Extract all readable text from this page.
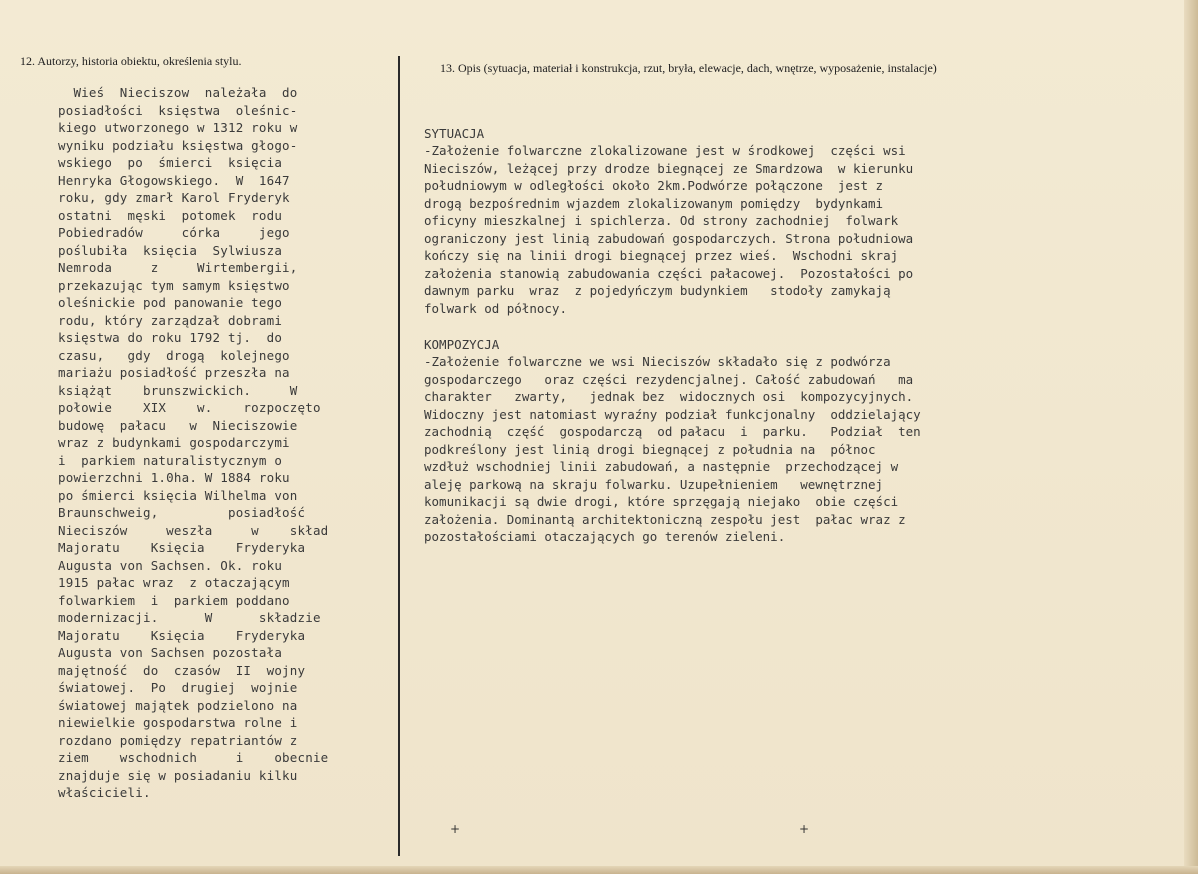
12. Autorzy, historia obiektu, określenia stylu.	13. Opis (sytuacja, materiał i konstrukcja, rzut, bryła, elewacje, dach, wnętrze, wyposażenie, instalacje)
Wieś  Nieciszow  należała  do
posiadłości  księstwa  oleśnic-
kiego utworzonego w 1312 roku w
wyniku podziału księstwa głogo-
wskiego  po  śmierci  księcia
Henryka Głogowskiego.  W  1647
roku, gdy zmarł Karol Fryderyk
ostatni  męski  potomek  rodu
Pobiedradów     córka     jego
poślubiła  księcia  Sylwiusza
Nemroda     z     Wirtembergii,
przekazując tym samym księstwo
oleśnickie pod panowanie tego
rodu, który zarządzał dobrami
księstwa do roku 1792 tj.  do
czasu,   gdy  drogą  kolejnego
mariażu posiadłość przeszła na
książąt    brunszwickich.     W
połowie    XIX    w.    rozpoczęto
budowę  pałacu   w  Nieciszowie
wraz z budynkami gospodarczymi
i  parkiem naturalistycznym o
powierzchni 1.0ha. W 1884 roku
po śmierci księcia Wilhelma von
Braunschweig,         posiadłość
Nieciszów     weszła     w    skład
Majoratu    Księcia    Fryderyka
Augusta von Sachsen. Ok. roku
1915 pałac wraz  z otaczającym
folwarkiem  i  parkiem poddano
modernizacji.      W      składzie
Majoratu    Księcia    Fryderyka
Augusta von Sachsen pozostała
majętność  do  czasów  II  wojny
światowej.  Po  drugiej  wojnie
światowej majątek podzielono na
niewielkie gospodarstwa rolne i
rozdano pomiędzy repatriantów z
ziem    wschodnich     i    obecnie
znajduje się w posiadaniu kilku
właścicieli.
SYTUACJA
-Założenie folwarczne zlokalizowane jest w środkowej  części wsi
Nieciszów, leżącej przy drodze biegnącej ze Smardzowa  w kierunku
południowym w odległości około 2km.Podwórze połączone  jest z
drogą bezpośrednim wjazdem zlokalizowanym pomiędzy  bydynkami
oficyny mieszkalnej i spichlerza. Od strony zachodniej  folwark
ograniczony jest linią zabudowań gospodarczych. Strona południowa
kończy się na linii drogi biegnącej przez wieś.  Wschodni skraj
założenia stanowią zabudowania części pałacowej.  Pozostałości po
dawnym parku  wraz  z pojedyńczym budynkiem   stodoły zamykają
folwark od północy.
KOMPOZYCJA
-Założenie folwarczne we wsi Nieciszów składało się z podwórza
gospodarczego   oraz części rezydencjalnej. Całość zabudowań   ma
charakter   zwarty,   jednak bez  widocznych osi  kompozycyjnych.
Widoczny jest natomiast wyraźny podział funkcjonalny  oddzielający
zachodnią  część  gospodarczą  od pałacu  i  parku.   Podział  ten
podkreślony jest linią drogi biegnącej z południa na  północ
wzdłuż wschodniej linii zabudowań, a następnie  przechodzącej w
aleję parkową na skraju folwarku. Uzupełnieniem   wewnętrznej
komunikacji są dwie drogi, które sprzęgają niejako  obie części
założenia. Dominantą architektoniczną zespołu jest  pałac wraz z
pozostałościami otaczających go terenów zieleni.
+	+
